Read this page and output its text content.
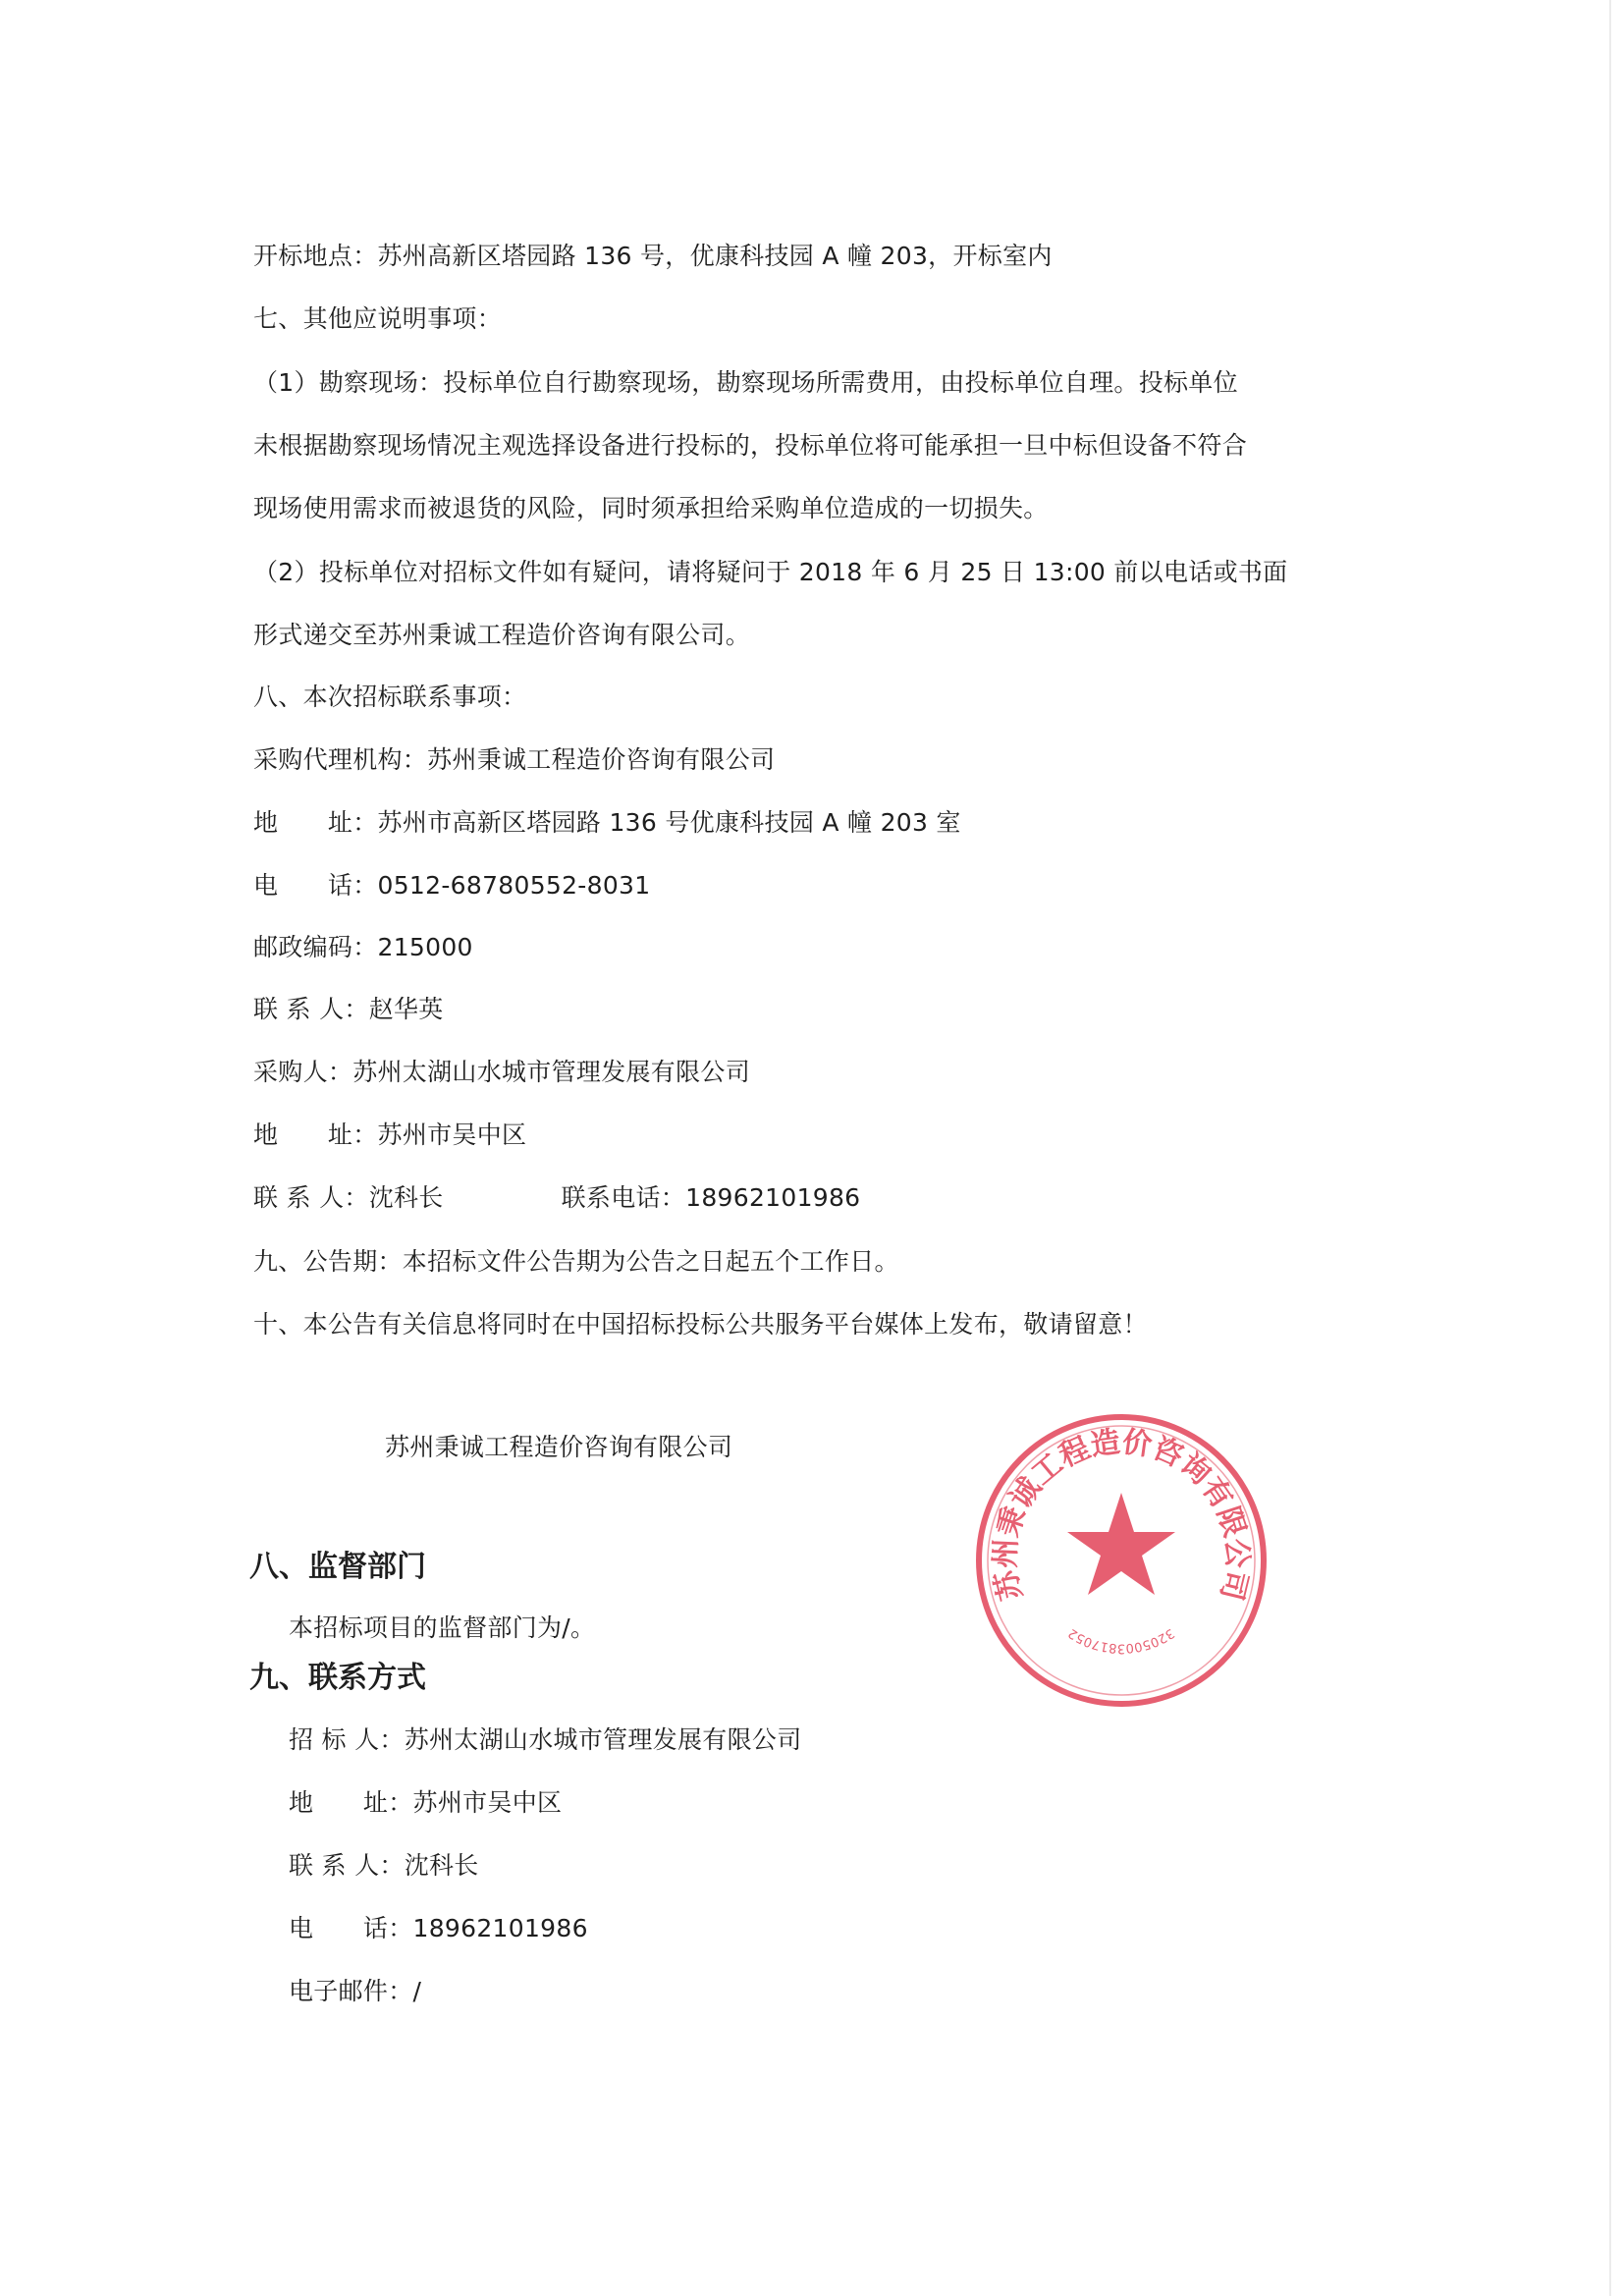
开标地点：苏州高新区塔园路 136 号，优康科技园 A 幢 203，开标室内
七、其他应说明事项：
（1）勘察现场：投标单位自行勘察现场，勘察现场所需费用，由投标单位自理。投标单位
未根据勘察现场情况主观选择设备进行投标的，投标单位将可能承担一旦中标但设备不符合
现场使用需求而被退货的风险，同时须承担给采购单位造成的一切损失。
（2）投标单位对招标文件如有疑问，请将疑问于 2018 年 6 月 25 日 13:00 前以电话或书面
形式递交至苏州秉诚工程造价咨询有限公司。
八、本次招标联系事项：
采购代理机构：苏州秉诚工程造价咨询有限公司
地　　址：苏州市高新区塔园路 136 号优康科技园 A 幢 203 室
电　　话：0512-68780552-8031
邮政编码：215000
联 系 人：赵华英
采购人：苏州太湖山水城市管理发展有限公司
地　　址：苏州市吴中区
联 系 人：沈科长	联系电话：18962101986
九、公告期：本招标文件公告期为公告之日起五个工作日。
十、本公告有关信息将同时在中国招标投标公共服务平台媒体上发布，敬请留意！
苏州秉诚工程造价咨询有限公司
苏州秉诚工程造价咨询有限公司
3205003817052
八、监督部门
本招标项目的监督部门为/。
九、联系方式
招 标 人：苏州太湖山水城市管理发展有限公司
地　　址：苏州市吴中区
联 系 人：沈科长
电　　话：18962101986
电子邮件：/
